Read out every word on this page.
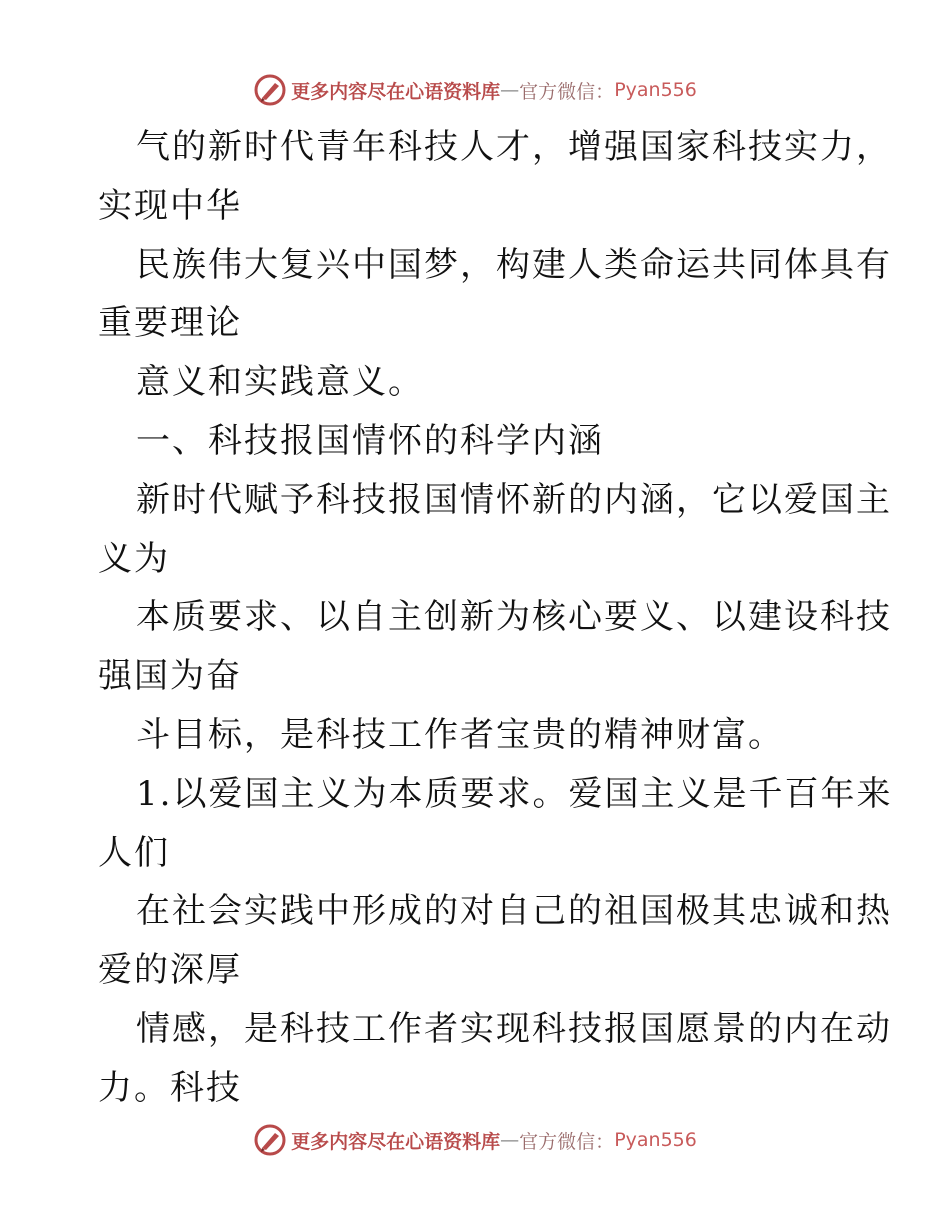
更多内容尽在心语资料库 — 官方微信： Pyan556
气的新时代青年科技人才，增强国家科技实力，
实现中华
民族伟大复兴中国梦，构建人类命运共同体具有
重要理论
意义和实践意义。
一、科技报国情怀的科学内涵
新时代赋予科技报国情怀新的内涵，它以爱国主
义为
本质要求、以自主创新为核心要义、以建设科技
强国为奋
斗目标，是科技工作者宝贵的精神财富。
1.以爱国主义为本质要求。爱国主义是千百年来
人们
在社会实践中形成的对自己的祖国极其忠诚和热
爱的深厚
情感，是科技工作者实现科技报国愿景的内在动
力。科技
更多内容尽在心语资料库 — 官方微信： Pyan556
